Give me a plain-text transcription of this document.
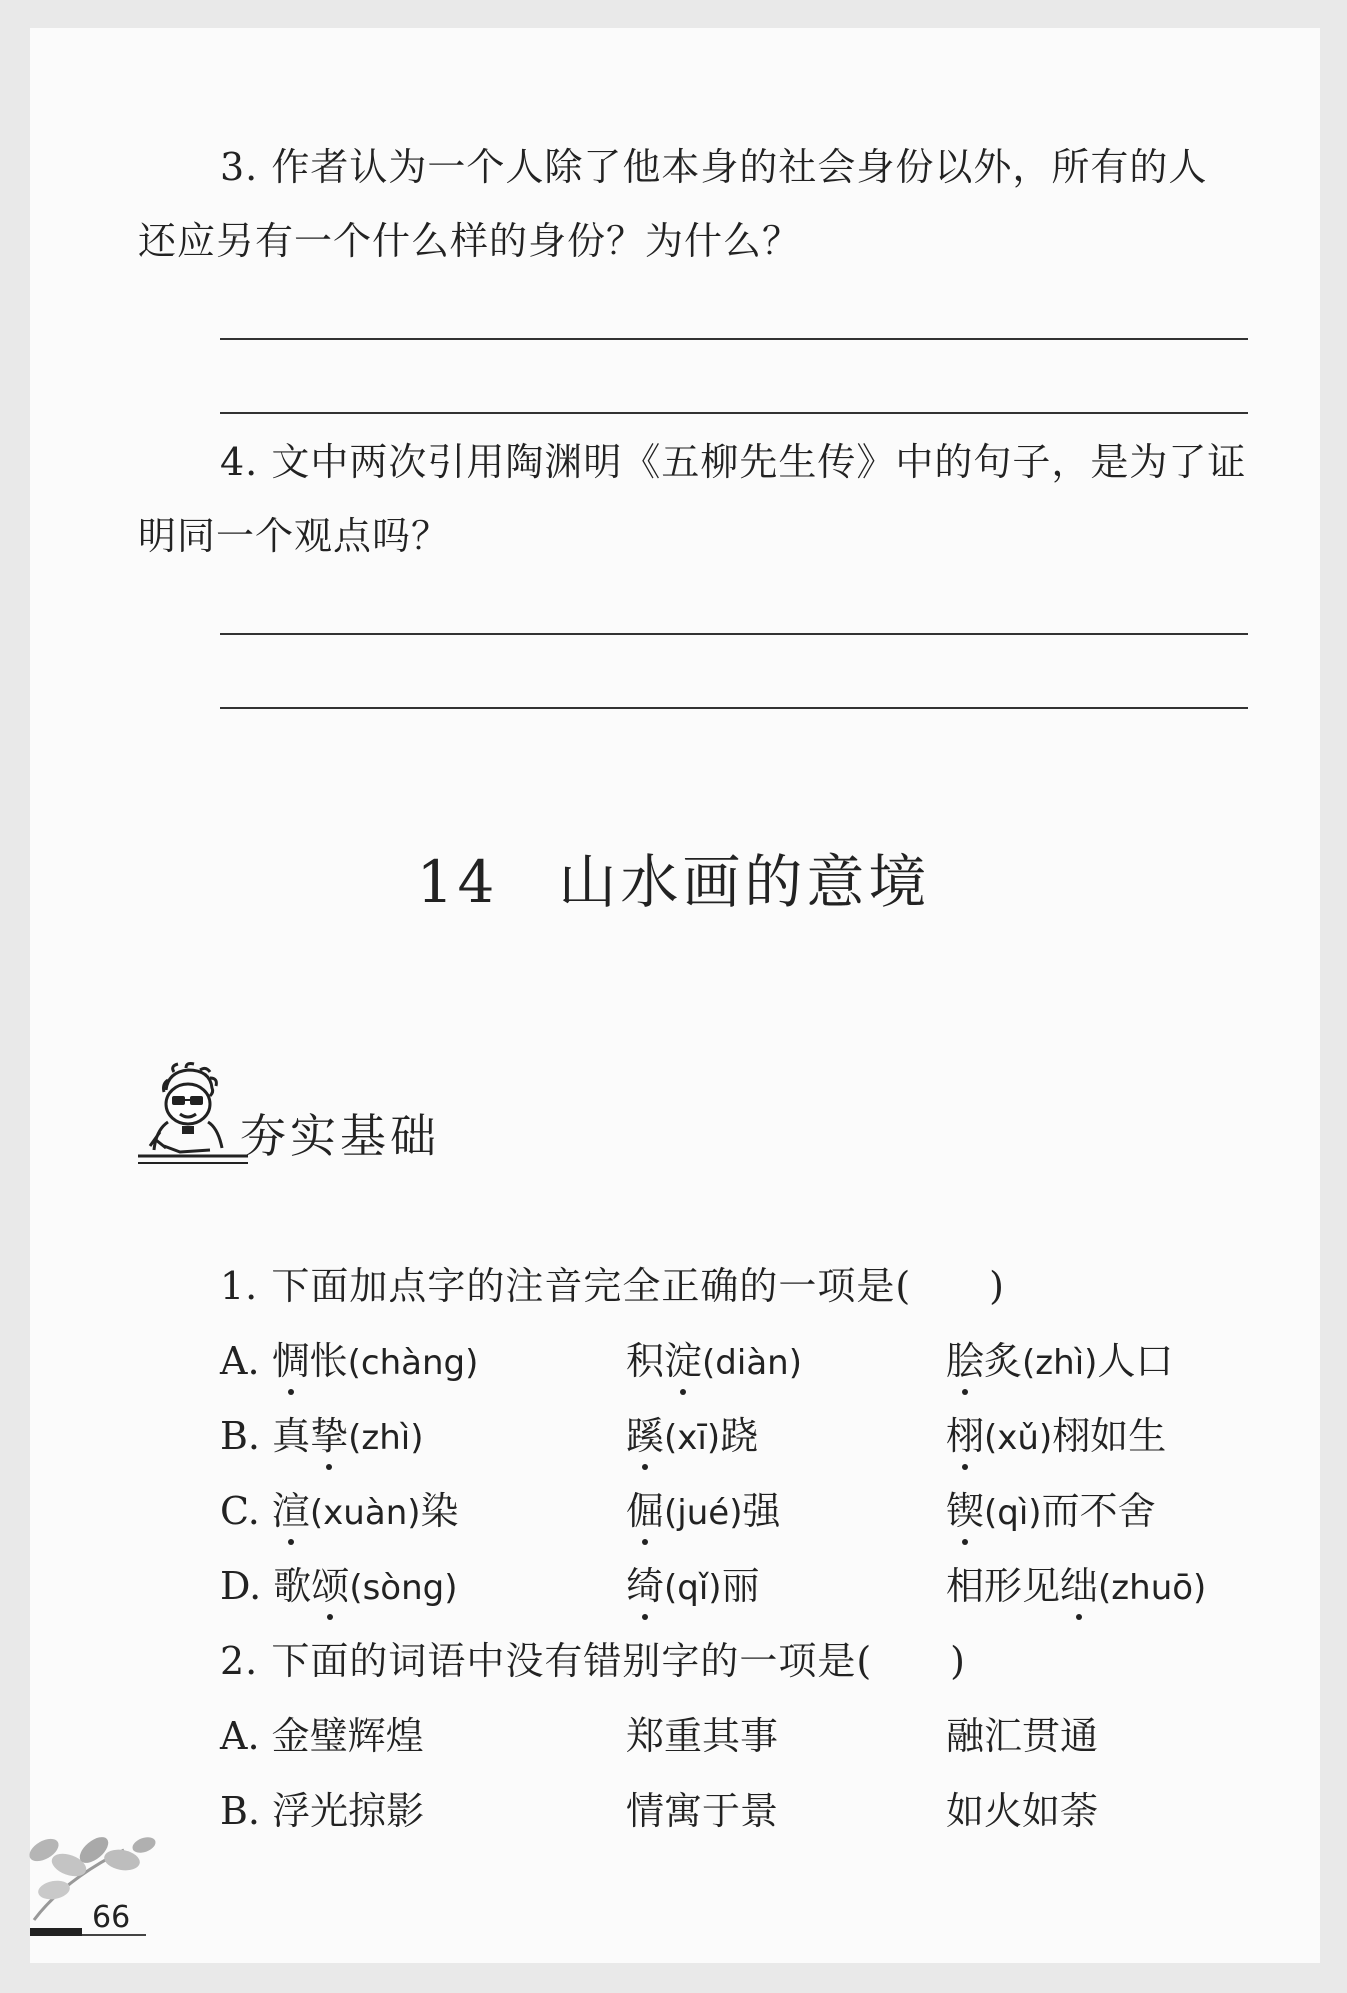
3. 作者认为一个人除了他本身的社会身份以外，所有的人
还应另有一个什么样的身份？为什么？
4. 文中两次引用陶渊明《五柳先生传》中的句子，是为了证
明同一个观点吗？
14 山水画的意境
夯实基础
1. 下面加点字的注音完全正确的一项是(　　)
A. 惆怅(chàng)	积淀(diàn)	脍炙(zhì)人口
B. 真挚(zhì)	蹊(xī)跷	栩(xǔ)栩如生
C. 渲(xuàn)染	倔(jué)强	锲(qì)而不舍
D. 歌颂(sòng)	绮(qǐ)丽	相形见绌(zhuō)
2. 下面的词语中没有错别字的一项是(　　)
A. 金璧辉煌	郑重其事	融汇贯通
B. 浮光掠影	情寓于景	如火如荼
66
